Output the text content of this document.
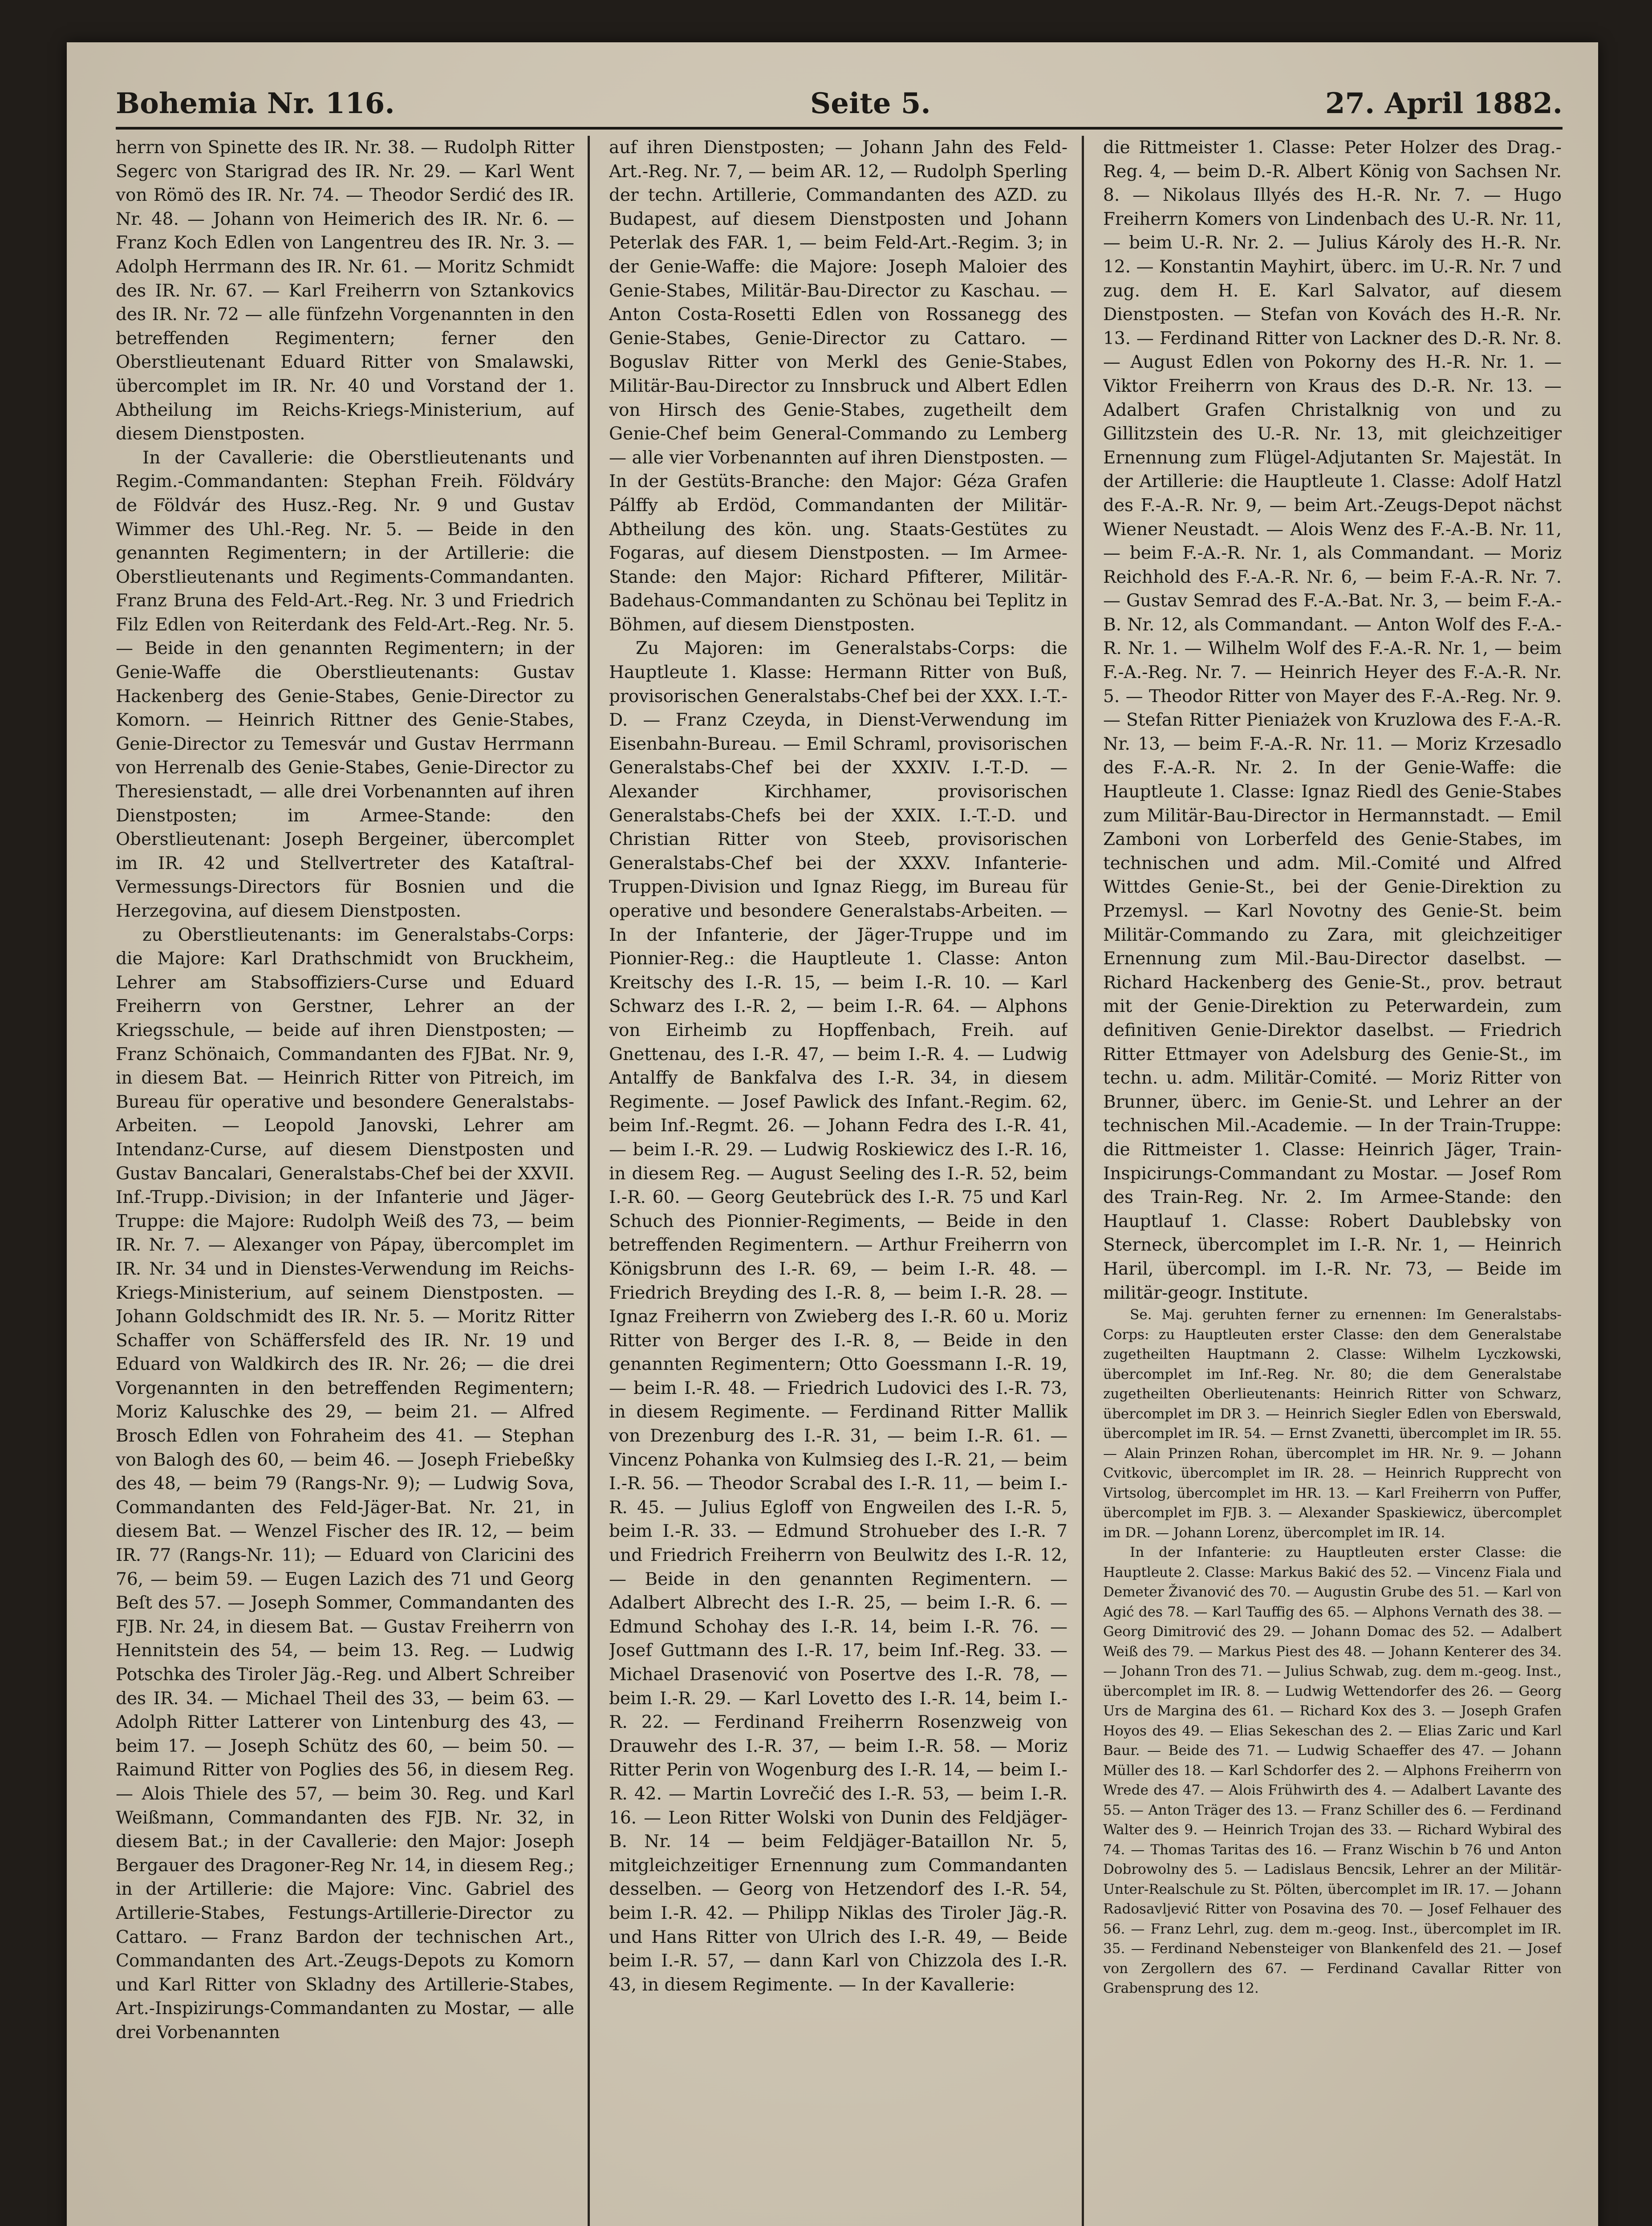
Bohemia Nr. 116.	Seite 5.	27. April 1882.

herrn von Spinette des IR. Nr. 38. — Rudolph Ritter Segerc von Starigrad des IR. Nr. 29. — Karl Went von Römö des IR. Nr. 74. — Theodor Serdić des IR. Nr. 48. — Johann von Heimerich des IR. Nr. 6. — Franz Koch Edlen von Langentreu des IR. Nr. 3. — Adolph Herrmann des IR. Nr. 61. — Moritz Schmidt des IR. Nr. 67. — Karl Freiherrn von Sztankovics des IR. Nr. 72 — alle fünfzehn Vorgenannten in den betreffenden Regimentern; ferner den Oberstlieutenant Eduard Ritter von Smalawski, übercomplet im IR. Nr. 40 und Vorstand der 1. Abtheilung im Reichs-Kriegs-Ministerium, auf diesem Dienstposten.

In der Cavallerie: die Oberstlieutenants und Regim.-Commandanten: Stephan Freih. Földváry de Földvár des Husz.-Reg. Nr. 9 und Gustav Wimmer des Uhl.-Reg. Nr. 5. — Beide in den genannten Regimentern; in der Artillerie: die Oberstlieutenants und Regiments-Commandanten. Franz Bruna des Feld-Art.-Reg. Nr. 3 und Friedrich Filz Edlen von Reiterdank des Feld-Art.-Reg. Nr. 5. — Beide in den genannten Regimentern; in der Genie-Waffe die Oberstlieutenants: Gustav Hackenberg des Genie-Stabes, Genie-Director zu Komorn. — Heinrich Rittner des Genie-Stabes, Genie-Director zu Temesvár und Gustav Herrmann von Herrenalb des Genie-Stabes, Genie-Director zu Theresienstadt, — alle drei Vorbenannten auf ihren Dienstposten; im Armee-Stande: den Oberstlieutenant: Joseph Bergeiner, übercomplet im IR. 42 und Stellvertreter des Kataſtral-Vermessungs-Directors für Bosnien und die Herzegovina, auf diesem Dienstposten.

zu Oberstlieutenants: im Generalstabs-Corps: die Majore: Karl Drathschmidt von Bruckheim, Lehrer am Stabsoffiziers-Curse und Eduard Freiherrn von Gerstner, Lehrer an der Kriegsschule, — beide auf ihren Dienstposten; — Franz Schönaich, Commandanten des FJBat. Nr. 9, in diesem Bat. — Heinrich Ritter von Pitreich, im Bureau für operative und besondere Generalstabs-Arbeiten. — Leopold Janovski, Lehrer am Intendanz-Curse, auf diesem Dienstposten und Gustav Bancalari, Generalstabs-Chef bei der XXVII. Inf.-Trupp.-Division; in der Infanterie und Jäger-Truppe: die Majore: Rudolph Weiß des 73, — beim IR. Nr. 7. — Alexanger von Pápay, übercomplet im IR. Nr. 34 und in Dienstes-Verwendung im Reichs-Kriegs-Ministerium, auf seinem Dienstposten. — Johann Goldschmidt des IR. Nr. 5. — Moritz Ritter Schaffer von Schäffersfeld des IR. Nr. 19 und Eduard von Waldkirch des IR. Nr. 26; — die drei Vorgenannten in den betreffenden Regimentern; Moriz Kaluschke des 29, — beim 21. — Alfred Brosch Edlen von Fohraheim des 41. — Stephan von Balogh des 60, — beim 46. — Joseph Friebeßky des 48, — beim 79 (Rangs-Nr. 9); — Ludwig Sova, Commandanten des Feld-Jäger-Bat. Nr. 21, in diesem Bat. — Wenzel Fischer des IR. 12, — beim IR. 77 (Rangs-Nr. 11); — Eduard von Claricini des 76, — beim 59. — Eugen Lazich des 71 und Georg Beſt des 57. — Joseph Sommer, Commandanten des FJB. Nr. 24, in diesem Bat. — Gustav Freiherrn von Hennitstein des 54, — beim 13. Reg. — Ludwig Potschka des Tiroler Jäg.-Reg. und Albert Schreiber des IR. 34. — Michael Theil des 33, — beim 63. — Adolph Ritter Latterer von Lintenburg des 43, — beim 17. — Joseph Schütz des 60, — beim 50. — Raimund Ritter von Poglies des 56, in diesem Reg. — Alois Thiele des 57, — beim 30. Reg. und Karl Weißmann, Commandanten des FJB. Nr. 32, in diesem Bat.; in der Cavallerie: den Major: Joseph Bergauer des Dragoner-Reg Nr. 14, in diesem Reg.; in der Artillerie: die Majore: Vinc. Gabriel des Artillerie-Stabes, Festungs-Artillerie-Director zu Cattaro. — Franz Bardon der technischen Art., Commandanten des Art.-Zeugs-Depots zu Komorn und Karl Ritter von Skladny des Artillerie-Stabes, Art.-Inspizirungs-Commandanten zu Mostar, — alle drei Vorbenannten

auf ihren Dienstposten; — Johann Jahn des Feld-Art.-Reg. Nr. 7, — beim AR. 12, — Rudolph Sperling der techn. Artillerie, Commandanten des AZD. zu Budapest, auf diesem Dienstposten und Johann Peterlak des FAR. 1, — beim Feld-Art.-Regim. 3; in der Genie-Waffe: die Majore: Joseph Maloier des Genie-Stabes, Militär-Bau-Director zu Kaschau. — Anton Costa-Rosetti Edlen von Rossanegg des Genie-Stabes, Genie-Director zu Cattaro. — Boguslav Ritter von Merkl des Genie-Stabes, Militär-Bau-Director zu Innsbruck und Albert Edlen von Hirsch des Genie-Stabes, zugetheilt dem Genie-Chef beim General-Commando zu Lemberg — alle vier Vorbenannten auf ihren Dienstposten. — In der Gestüts-Branche: den Major: Géza Grafen Pálffy ab Erdöd, Commandanten der Militär-Abtheilung des kön. ung. Staats-Gestütes zu Fogaras, auf diesem Dienstposten. — Im Armee-Stande: den Major: Richard Pfifterer, Militär-Badehaus-Commandanten zu Schönau bei Teplitz in Böhmen, auf diesem Dienstposten.

Zu Majoren: im Generalstabs-Corps: die Hauptleute 1. Klasse: Hermann Ritter von Buß, provisorischen Generalstabs-Chef bei der XXX. I.-T.-D. — Franz Czeyda, in Dienst-Verwendung im Eisenbahn-Bureau. — Emil Schraml, provisorischen Generalstabs-Chef bei der XXXIV. I.-T.-D. — Alexander Kirchhamer, provisorischen Generalstabs-Chefs bei der XXIX. I.-T.-D. und Christian Ritter von Steeb, provisorischen Generalstabs-Chef bei der XXXV. Infanterie-Truppen-Division und Ignaz Riegg, im Bureau für operative und besondere Generalstabs-Arbeiten. — In der Infanterie, der Jäger-Truppe und im Pionnier-Reg.: die Hauptleute 1. Classe: Anton Kreitschy des I.-R. 15, — beim I.-R. 10. — Karl Schwarz des I.-R. 2, — beim I.-R. 64. — Alphons von Eirheimb zu Hopffenbach, Freih. auf Gnettenau, des I.-R. 47, — beim I.-R. 4. — Ludwig Antalffy de Bankfalva des I.-R. 34, in diesem Regimente. — Josef Pawlick des Infant.-Regim. 62, beim Inf.-Regmt. 26. — Johann Fedra des I.-R. 41, — beim I.-R. 29. — Ludwig Roskiewicz des I.-R. 16, in diesem Reg. — August Seeling des I.-R. 52, beim I.-R. 60. — Georg Geutebrück des I.-R. 75 und Karl Schuch des Pionnier-Regiments, — Beide in den betreffenden Regimentern. — Arthur Freiherrn von Königsbrunn des I.-R. 69, — beim I.-R. 48. — Friedrich Breyding des I.-R. 8, — beim I.-R. 28. — Ignaz Freiherrn von Zwieberg des I.-R. 60 u. Moriz Ritter von Berger des I.-R. 8, — Beide in den genannten Regimentern; Otto Goessmann I.-R. 19, — beim I.-R. 48. — Friedrich Ludovici des I.-R. 73, in diesem Regimente. — Ferdinand Ritter Mallik von Drezenburg des I.-R. 31, — beim I.-R. 61. — Vincenz Pohanka von Kulmsieg des I.-R. 21, — beim I.-R. 56. — Theodor Scrabal des I.-R. 11, — beim I.-R. 45. — Julius Egloff von Engweilen des I.-R. 5, beim I.-R. 33. — Edmund Strohueber des I.-R. 7 und Friedrich Freiherrn von Beulwitz des I.-R. 12, — Beide in den genannten Regimentern. — Adalbert Albrecht des I.-R. 25, — beim I.-R. 6. — Edmund Schohay des I.-R. 14, beim I.-R. 76. — Josef Guttmann des I.-R. 17, beim Inf.-Reg. 33. — Michael Drasenović von Posertve des I.-R. 78, — beim I.-R. 29. — Karl Lovetto des I.-R. 14, beim I.-R. 22. — Ferdinand Freiherrn Rosenzweig von Drauwehr des I.-R. 37, — beim I.-R. 58. — Moriz Ritter Perin von Wogenburg des I.-R. 14, — beim I.-R. 42. — Martin Lovrečić des I.-R. 53, — beim I.-R. 16. — Leon Ritter Wolski von Dunin des Feldjäger-B. Nr. 14 — beim Feldjäger-Bataillon Nr. 5, mitgleichzeitiger Ernennung zum Commandanten desselben. — Georg von Hetzendorf des I.-R. 54, beim I.-R. 42. — Philipp Niklas des Tiroler Jäg.-R. und Hans Ritter von Ulrich des I.-R. 49, — Beide beim I.-R. 57, — dann Karl von Chizzola des I.-R. 43, in diesem Regimente. — In der Kavallerie:

die Rittmeister 1. Classe: Peter Holzer des Drag.-Reg. 4, — beim D.-R. Albert König von Sachsen Nr. 8. — Nikolaus Illyés des H.-R. Nr. 7. — Hugo Freiherrn Komers von Lindenbach des U.-R. Nr. 11, — beim U.-R. Nr. 2. — Julius Károly des H.-R. Nr. 12. — Konstantin Mayhirt, überc. im U.-R. Nr. 7 und zug. dem H. E. Karl Salvator, auf diesem Dienstposten. — Stefan von Kovách des H.-R. Nr. 13. — Ferdinand Ritter von Lackner des D.-R. Nr. 8. — August Edlen von Pokorny des H.-R. Nr. 1. — Viktor Freiherrn von Kraus des D.-R. Nr. 13. — Adalbert Grafen Christalknig von und zu Gillitzstein des U.-R. Nr. 13, mit gleichzeitiger Ernennung zum Flügel-Adjutanten Sr. Majestät. In der Artillerie: die Hauptleute 1. Classe: Adolf Hatzl des F.-A.-R. Nr. 9, — beim Art.-Zeugs-Depot nächst Wiener Neustadt. — Alois Wenz des F.-A.-B. Nr. 11, — beim F.-A.-R. Nr. 1, als Commandant. — Moriz Reichhold des F.-A.-R. Nr. 6, — beim F.-A.-R. Nr. 7. — Gustav Semrad des F.-A.-Bat. Nr. 3, — beim F.-A.-B. Nr. 12, als Commandant. — Anton Wolf des F.-A.-R. Nr. 1. — Wilhelm Wolf des F.-A.-R. Nr. 1, — beim F.-A.-Reg. Nr. 7. — Heinrich Heyer des F.-A.-R. Nr. 5. — Theodor Ritter von Mayer des F.-A.-Reg. Nr. 9. — Stefan Ritter Pieniażek von Kruzlowa des F.-A.-R. Nr. 13, — beim F.-A.-R. Nr. 11. — Moriz Krzesadlo des F.-A.-R. Nr. 2. In der Genie-Waffe: die Hauptleute 1. Classe: Ignaz Riedl des Genie-Stabes zum Militär-Bau-Director in Hermannstadt. — Emil Zamboni von Lorberfeld des Genie-Stabes, im technischen und adm. Mil.-Comité und Alfred Wittdes Genie-St., bei der Genie-Direktion zu Przemysl. — Karl Novotny des Genie-St. beim Militär-Commando zu Zara, mit gleichzeitiger Ernennung zum Mil.-Bau-Director daselbst. — Richard Hackenberg des Genie-St., prov. betraut mit der Genie-Direktion zu Peterwardein, zum definitiven Genie-Direktor daselbst. — Friedrich Ritter Ettmayer von Adelsburg des Genie-St., im techn. u. adm. Militär-Comité. — Moriz Ritter von Brunner, überc. im Genie-St. und Lehrer an der technischen Mil.-Academie. — In der Train-Truppe: die Rittmeister 1. Classe: Heinrich Jäger, Train-Inspicirungs-Commandant zu Mostar. — Josef Rom des Train-Reg. Nr. 2. Im Armee-Stande: den Hauptlauf 1. Classe: Robert Daublebsky von Sterneck, übercomplet im I.-R. Nr. 1, — Heinrich Haril, übercompl. im I.-R. Nr. 73, — Beide im militär-geogr. Institute.

Se. Maj. geruhten ferner zu ernennen: Im Generalstabs-Corps: zu Hauptleuten erster Classe: den dem Generalstabe zugetheilten Hauptmann 2. Classe: Wilhelm Lyczkowski, übercomplet im Inf.-Reg. Nr. 80; die dem Generalstabe zugetheilten Oberlieutenants: Heinrich Ritter von Schwarz, übercomplet im DR 3. — Heinrich Siegler Edlen von Eberswald, übercomplet im IR. 54. — Ernst Zvanetti, übercomplet im IR. 55. — Alain Prinzen Rohan, übercomplet im HR. Nr. 9. — Johann Cvitkovic, übercomplet im IR. 28. — Heinrich Rupprecht von Virtsolog, übercomplet im HR. 13. — Karl Freiherrn von Puffer, übercomplet im FJB. 3. — Alexander Spaskiewicz, übercomplet im DR. — Johann Lorenz, übercomplet im IR. 14.

In der Infanterie: zu Hauptleuten erster Classe: die Hauptleute 2. Classe: Markus Bakić des 52. — Vincenz Fiala und Demeter Živanović des 70. — Augustin Grube des 51. — Karl von Agić des 78. — Karl Tauffig des 65. — Alphons Vernath des 38. — Georg Dimitrović des 29. — Johann Domac des 52. — Adalbert Weiß des 79. — Markus Piest des 48. — Johann Kenterer des 34. — Johann Tron des 71. — Julius Schwab, zug. dem m.-geog. Inst., übercomplet im IR. 8. — Ludwig Wettendorfer des 26. — Georg Urs de Margina des 61. — Richard Kox des 3. — Joseph Grafen Hoyos des 49. — Elias Sekeschan des 2. — Elias Zaric und Karl Baur. — Beide des 71. — Ludwig Schaeffer des 47. — Johann Müller des 18. — Karl Schdorfer des 2. — Alphons Freiherrn von Wrede des 47. — Alois Frühwirth des 4. — Adalbert Lavante des 55. — Anton Träger des 13. — Franz Schiller des 6. — Ferdinand Walter des 9. — Heinrich Trojan des 33. — Richard Wybiral des 74. — Thomas Taritas des 16. — Franz Wischin b 76 und Anton Dobrowolny des 5. — Ladislaus Bencsik, Lehrer an der Militär-Unter-Realschule zu St. Pölten, übercomplet im IR. 17. — Johann Radosavljević Ritter von Posavina des 70. — Josef Felhauer des 56. — Franz Lehrl, zug. dem m.-geog. Inst., übercomplet im IR. 35. — Ferdinand Nebensteiger von Blankenfeld des 21. — Josef von Zergollern des 67. — Ferdinand Cavallar Ritter von Grabensprung des 12.
